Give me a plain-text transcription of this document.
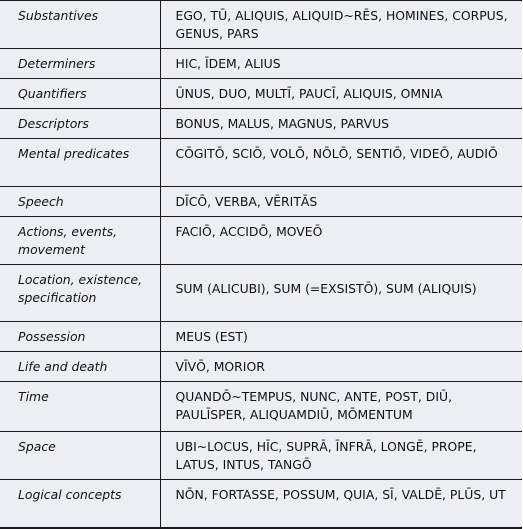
Substantives	EGO, TŪ, ALIQUIS, ALIQUID~RĒS, HOMINES, CORPUS, GENUS, PARS
Determiners	HIC, ĪDEM, ALIUS
Quantifiers	ŪNUS, DUO, MULTĪ, PAUCĪ, ALIQUIS, OMNIA
Descriptors	BONUS, MALUS, MAGNUS, PARVUS
Mental predicates	CŌGITŌ, SCIŌ, VOLŌ, NŌLŌ, SENTIŌ, VIDEŌ, AUDIŌ
Speech	DĪCŌ, VERBA, VĒRITĀS
Actions, events, movement	FACIŌ, ACCIDŌ, MOVEŌ
Location, existence, specification	SUM (ALICUBI), SUM (=EXSISTŌ), SUM (ALIQUIS)
Possession	MEUS (EST)
Life and death	VĪVŌ, MORIOR
Time	QUANDŌ~TEMPUS, NUNC, ANTE, POST, DIŪ, PAULĪSPER, ALIQUAMDIŪ, MŌMENTUM
Space	UBI~LOCUS, HĪC, SUPRĀ, ĪNFRĀ, LONGĒ, PROPE, LATUS, INTUS, TANGŌ
Logical concepts	NŌN, FORTASSE, POSSUM, QUIA, SĪ, VALDĒ, PLŪS, UT
